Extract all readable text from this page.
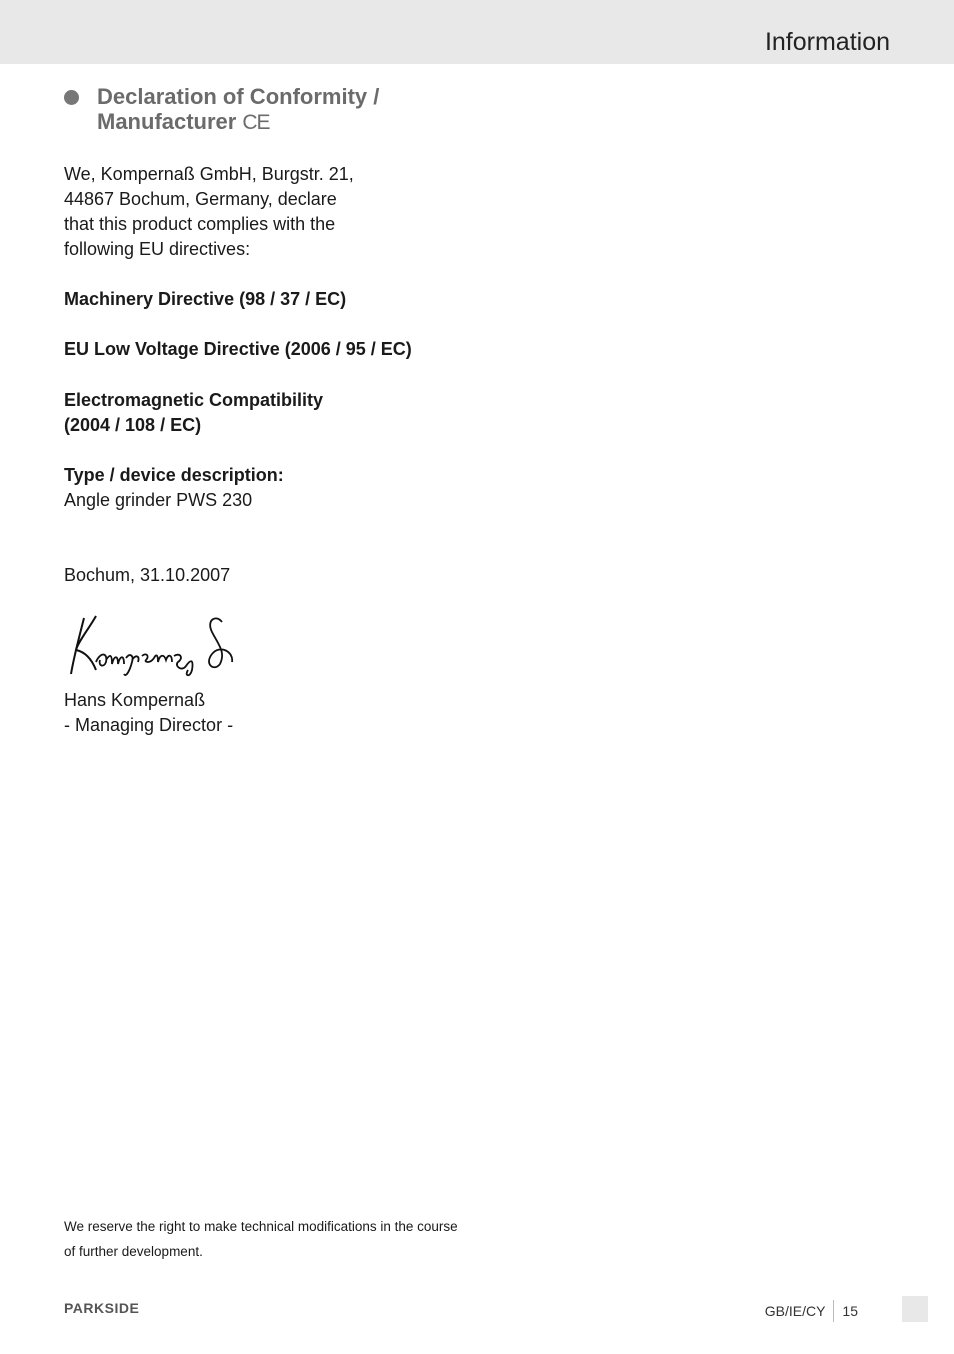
Information
Declaration of Conformity /
Manufacturer CE

We, Kompernaß GmbH, Burgstr. 21,
44867 Bochum, Germany, declare
that this product complies with the
following EU directives:

Machinery Directive (98 / 37 / EC)

EU Low Voltage Directive (2006 / 95 / EC)

Electromagnetic Compatibility
(2004 / 108 / EC)

Type / device description:
Angle grinder PWS 230

Bochum, 31.10.2007

Hans Kompernaß
- Managing Director -

We reserve the right to make technical modifications in the course
of further development.

PARKSIDE	GB/IE/CY 15
